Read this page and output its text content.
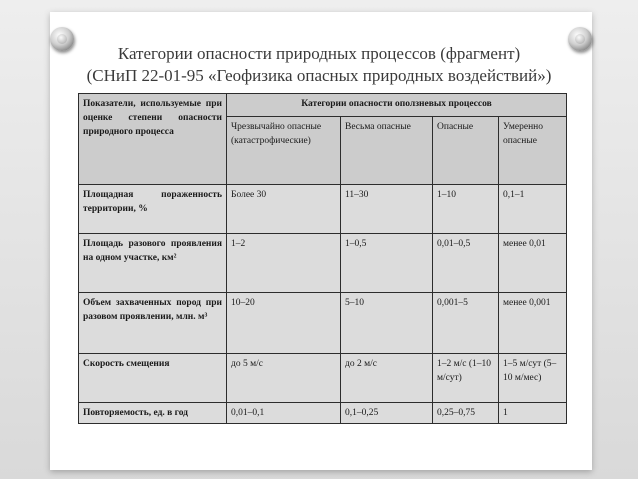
Категории опасности природных процессов (фрагмент)
(СНиП 22-01-95 «Геофизика опасных природных воздействий»)
Показатели, используемые при оценке степени опасности природного процесса	Категории опасности оползневых процессов			
	Чрезвычайно опасные (катастрофические)	Весьма опасные	Опасные	Умеренно опасные
Площадная пораженность территории, %	Более 30	11–30	1–10	0,1–1
Площадь разового проявления на одном участке, км²	1–2	1–0,5	0,01–0,5	менее 0,01
Объем захваченных пород при разовом проявлении, млн. м³	10–20	5–10	0,001–5	менее 0,001
Скорость смещения	до 5 м/с	до 2 м/с	1–2 м/с (1–10 м/сут)	1–5 м/сут (5–10 м/мес)
Повторяемость, ед. в год	0,01–0,1	0,1–0,25	0,25–0,75	1
